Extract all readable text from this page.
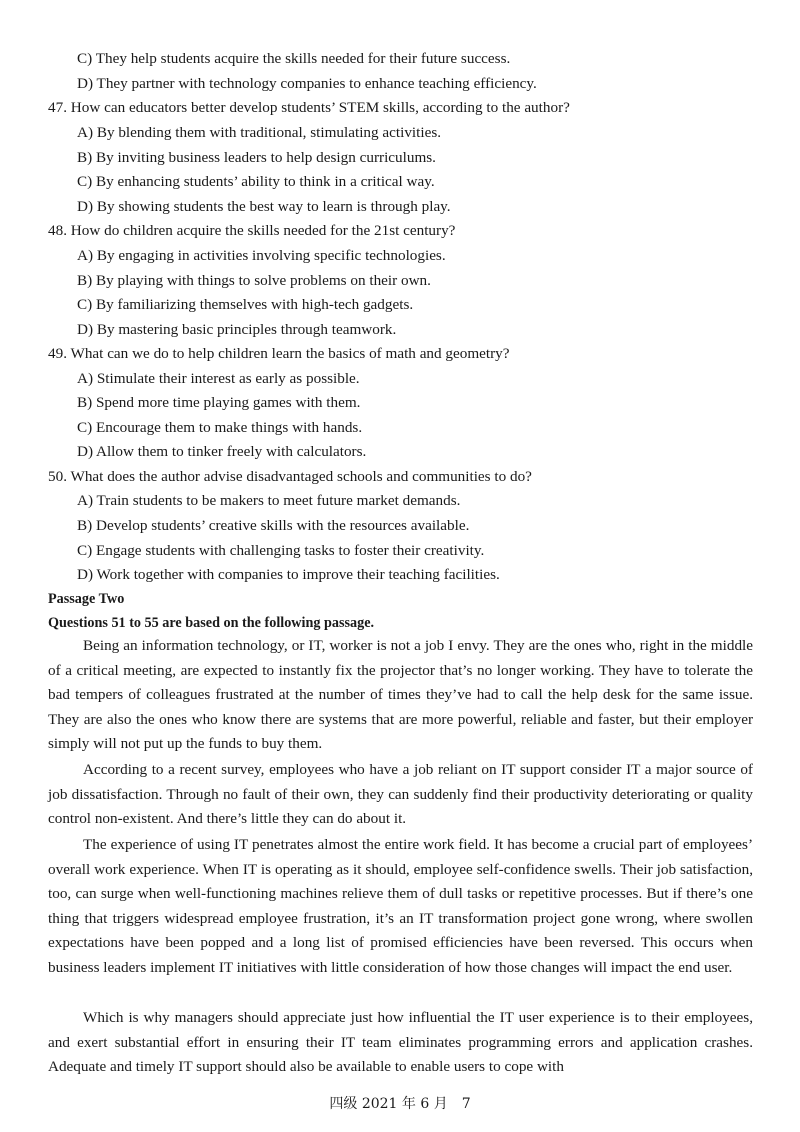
C) They help students acquire the skills needed for their future success.
D) They partner with technology companies to enhance teaching efficiency.
47. How can educators better develop students’ STEM skills, according to the author?
A) By blending them with traditional, stimulating activities.
B) By inviting business leaders to help design curriculums.
C) By enhancing students’ ability to think in a critical way.
D) By showing students the best way to learn is through play.
48. How do children acquire the skills needed for the 21st century?
A) By engaging in activities involving specific technologies.
B) By playing with things to solve problems on their own.
C) By familiarizing themselves with high-tech gadgets.
D) By mastering basic principles through teamwork.
49. What can we do to help children learn the basics of math and geometry?
A) Stimulate their interest as early as possible.
B) Spend more time playing games with them.
C) Encourage them to make things with hands.
D) Allow them to tinker freely with calculators.
50. What does the author advise disadvantaged schools and communities to do?
A) Train students to be makers to meet future market demands.
B) Develop students’ creative skills with the resources available.
C) Engage students with challenging tasks to foster their creativity.
D) Work together with companies to improve their teaching facilities.
Passage Two
Questions 51 to 55 are based on the following passage.

Being an information technology, or IT, worker is not a job I envy. They are the ones who, right in the middle of a critical meeting, are expected to instantly fix the projector that’s no longer working. They have to tolerate the bad tempers of colleagues frustrated at the number of times they’ve had to call the help desk for the same issue. They are also the ones who know there are systems that are more powerful, reliable and faster, but their employer simply will not put up the funds to buy them.

According to a recent survey, employees who have a job reliant on IT support consider IT a major source of job dissatisfaction. Through no fault of their own, they can suddenly find their productivity deteriorating or quality control non-existent. And there’s little they can do about it.

The experience of using IT penetrates almost the entire work field. It has become a crucial part of employees’ overall work experience. When IT is operating as it should, employee self-confidence swells. Their job satisfaction, too, can surge when well-functioning machines relieve them of dull tasks or repetitive processes. But if there’s one thing that triggers widespread employee frustration, it’s an IT transformation project gone wrong, where swollen expectations have been popped and a long list of promised efficiencies have been reversed. This occurs when business leaders implement IT initiatives with little consideration of how those changes will impact the end user.

Which is why managers should appreciate just how influential the IT user experience is to their employees, and exert substantial effort in ensuring their IT team eliminates programming errors and application crashes. Adequate and timely IT support should also be available to enable users to cope with

四级 2021 年 6 月　7
